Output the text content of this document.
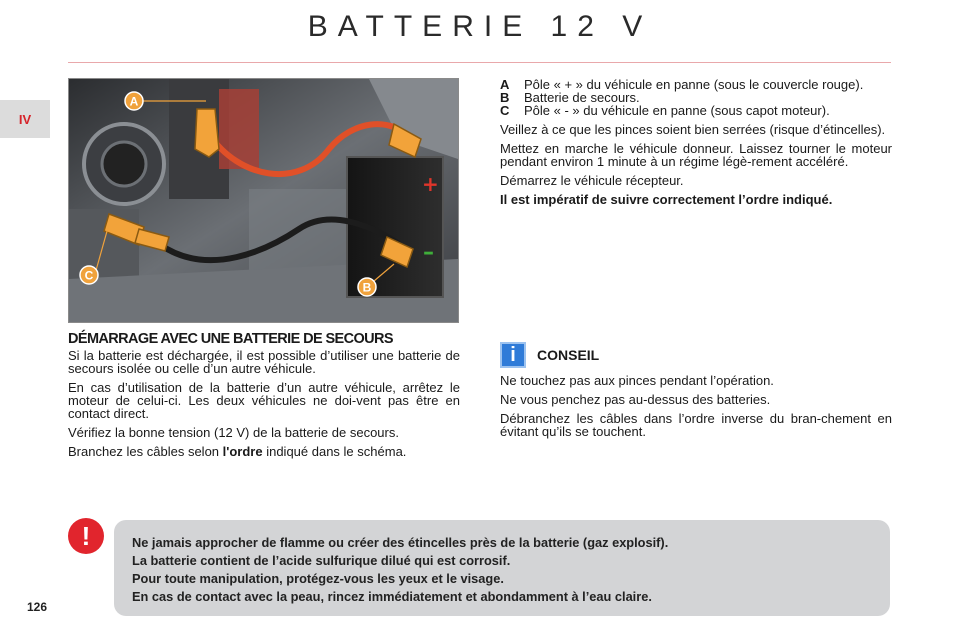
BATTERIE 12 V
IV
+
–
A
C
B
DÉMARRAGE AVEC UNE BATTERIE DE SECOURS

Si la batterie est déchargée, il est possible d’utiliser une batterie de secours isolée ou celle d’un autre véhicule.

En cas d’utilisation de la batterie d’un autre véhicule, arrêtez le moteur de celui-ci. Les deux véhicules ne doi-vent pas être en contact direct.

Vérifiez la bonne tension (12 V) de la batterie de secours.

Branchez les câbles selon l'ordre indiqué dans le schéma.

A	Pôle « + » du véhicule en panne (sous le couvercle rouge).
B	Batterie de secours.
C	Pôle « - » du véhicule en panne (sous capot moteur).

Veillez à ce que les pinces soient bien serrées (risque d’étincelles).

Mettez en marche le véhicule donneur. Laissez tourner le moteur pendant environ 1 minute à un régime légè-rement accéléré.

Démarrez le véhicule récepteur.

Il est impératif de suivre correctement l’ordre indiqué.

i	CONSEIL

Ne touchez pas aux pinces pendant l’opération.

Ne vous penchez pas au-dessus des batteries.

Débranchez les câbles dans l’ordre inverse du bran-chement en évitant qu’ils se touchent.

!	Ne jamais approcher de flamme ou créer des étincelles près de la batterie (gaz explosif).
La batterie contient de l’acide sulfurique dilué qui est corrosif.
Pour toute manipulation, protégez-vous les yeux et le visage.
En cas de contact avec la peau, rincez immédiatement et abondamment à l’eau claire.
126
